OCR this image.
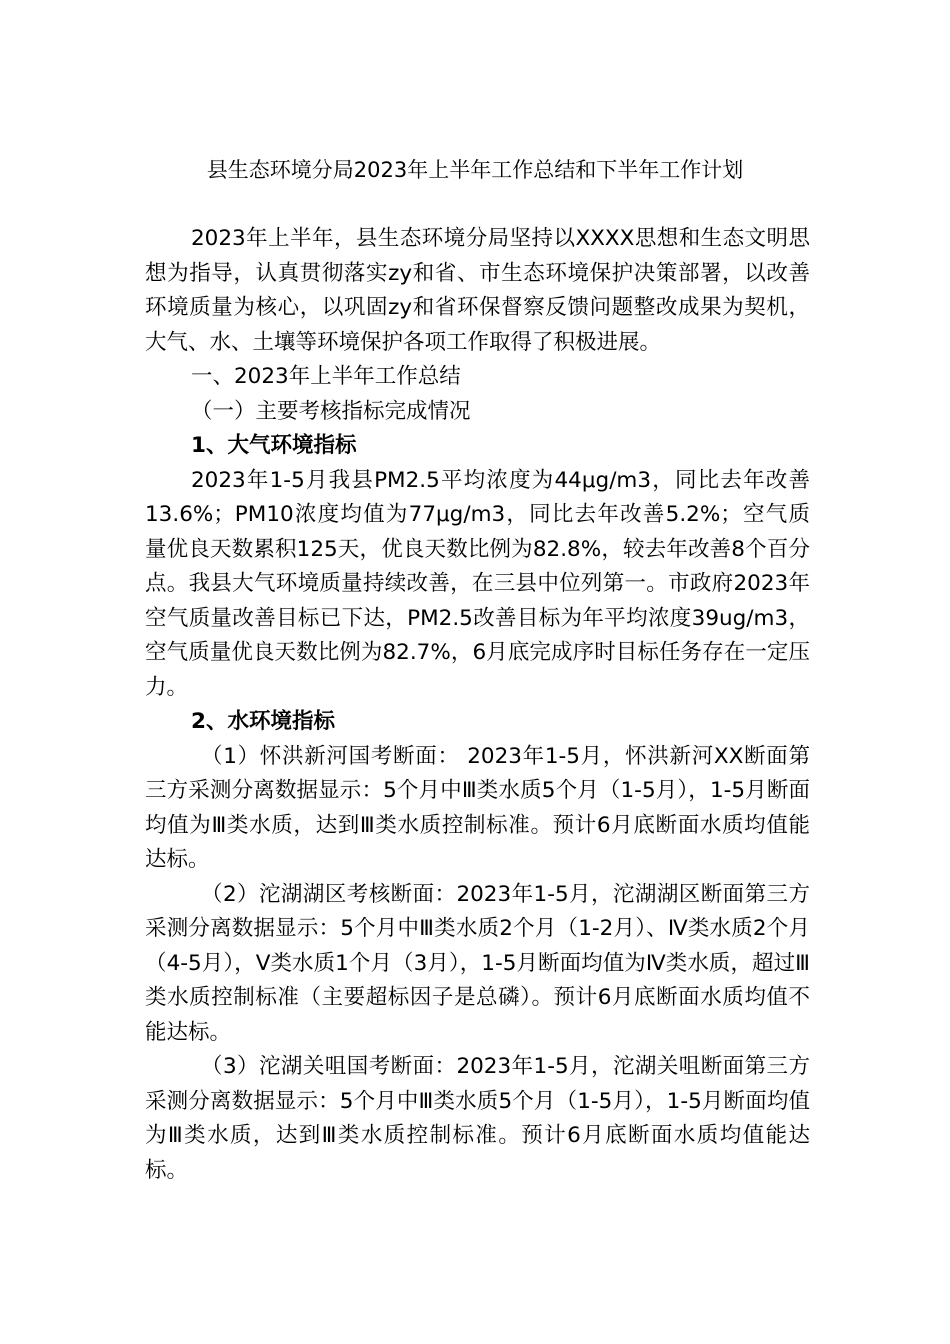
县生态环境分局2023年上半年工作总结和下半年工作计划

2023年上半年，县生态环境分局坚持以XXXX思想和生态文明思想为指导，认真贯彻落实zy和省、市生态环境保护决策部署，以改善环境质量为核心，以巩固zy和省环保督察反馈问题整改成果为契机，大气、水、土壤等环境保护各项工作取得了积极进展。

一、2023年上半年工作总结

（一）主要考核指标完成情况

1、大气环境指标

2023年1-5月我县PM2.5平均浓度为44μg/m3，同比去年改善13.6%；PM10浓度均值为77μg/m3，同比去年改善5.2%；空气质量优良天数累积125天，优良天数比例为82.8%，较去年改善8个百分点。我县大气环境质量持续改善，在三县中位列第一。市政府2023年空气质量改善目标已下达，PM2.5改善目标为年平均浓度39ug/m3，空气质量优良天数比例为82.7%，6月底完成序时目标任务存在一定压力。

2、水环境指标

（1）怀洪新河国考断面： 2023年1-5月，怀洪新河XX断面第三方采测分离数据显示：5个月中Ⅲ类水质5个月（1-5月），1-5月断面均值为Ⅲ类水质，达到Ⅲ类水质控制标准。预计6月底断面水质均值能达标。

（2）沱湖湖区考核断面：2023年1-5月，沱湖湖区断面第三方采测分离数据显示：5个月中Ⅲ类水质2个月（1-2月）、Ⅳ类水质2个月（4-5月），Ⅴ类水质1个月（3月），1-5月断面均值为Ⅳ类水质，超过Ⅲ类水质控制标准（主要超标因子是总磷）。预计6月底断面水质均值不能达标。

（3）沱湖关咀国考断面：2023年1-5月，沱湖关咀断面第三方采测分离数据显示：5个月中Ⅲ类水质5个月（1-5月），1-5月断面均值为Ⅲ类水质，达到Ⅲ类水质控制标准。预计6月底断面水质均值能达标。
